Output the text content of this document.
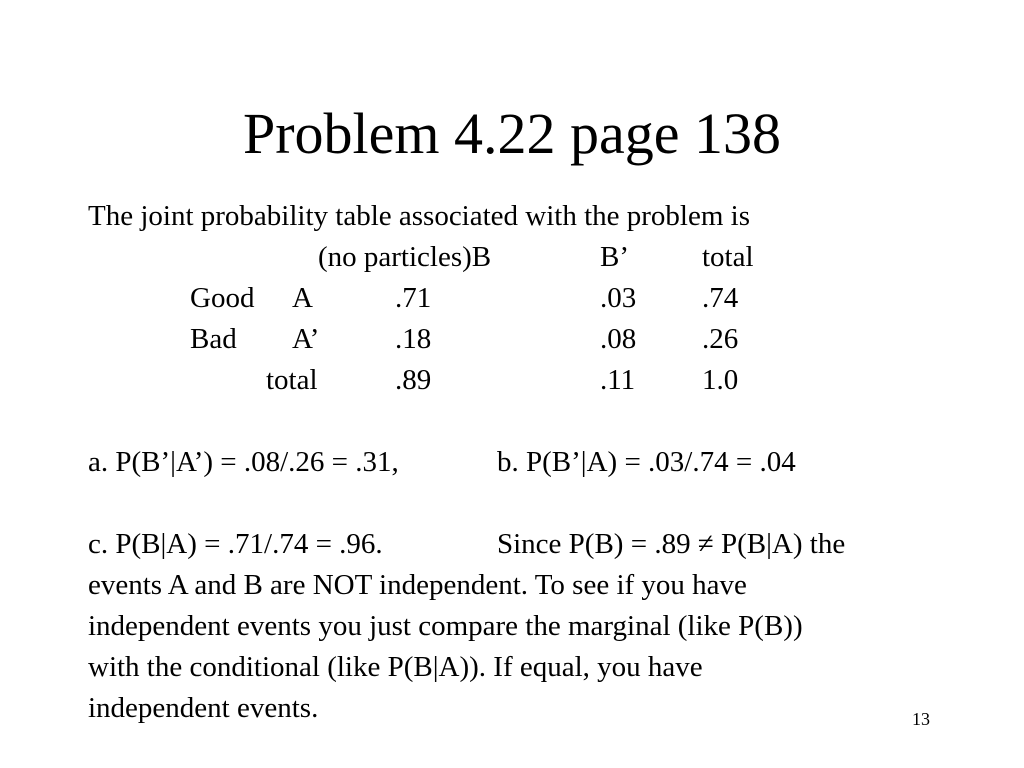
Problem 4.22 page 138
The joint probability table associated with the problem is
(no particles)B	B’	total
Good A	.71	.03 .74
Bad A’	.18	.08 .26
total	.89	.11 1.0
a. P(B’|A’) = .08/.26 = .31,	b. P(B’|A) = .03/.74 = .04
c. P(B|A) = .71/.74 = .96.	Since P(B) = .89 ≠ P(B|A) the
events A and B are NOT independent. To see if you have
independent events you just compare the marginal (like P(B))
with the conditional (like P(B|A)). If equal, you have
independent events.	13
